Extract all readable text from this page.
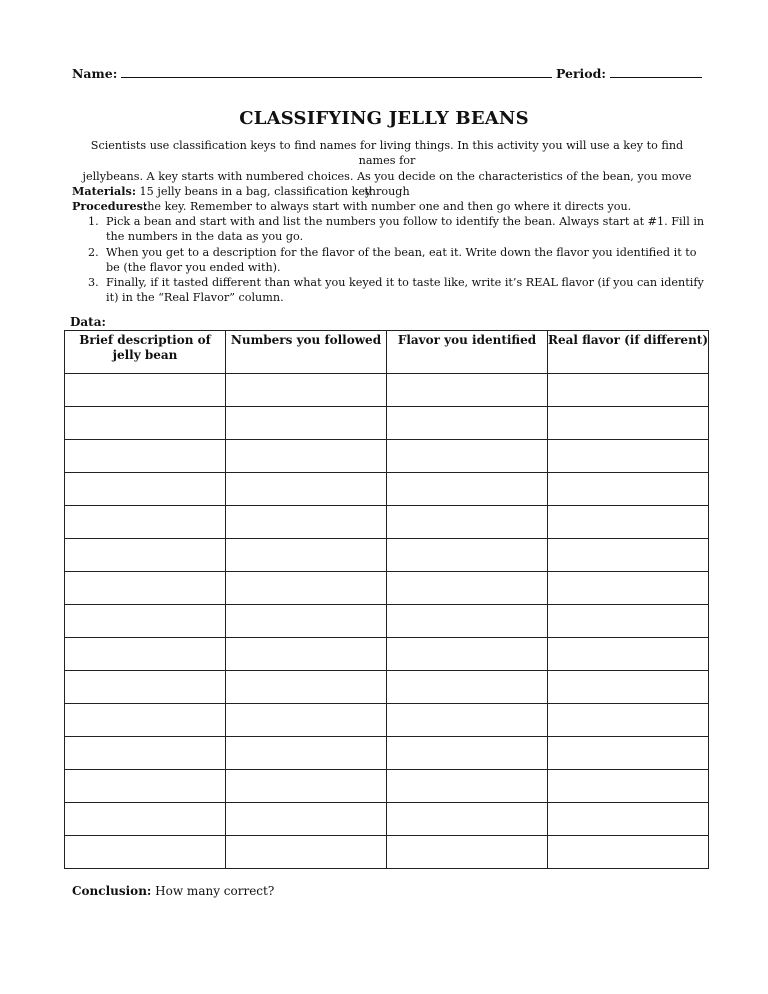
Name:	Period:
CLASSIFYING JELLY BEANS
Scientists use classification keys to find names for living things. In this activity you will use a key to find names for
jellybeans. A key starts with numbered choices. As you decide on the characteristics of the bean, you move through
the key. Remember to always start with number one and then go where it directs you.
Materials: 15 jelly beans in a bag, classification key
Procedures:
1. Pick a bean and start with and list the numbers you follow to identify the bean. Always start at #1. Fill in the numbers in the data as you go.
2. When you get to a description for the flavor of the bean, eat it. Write down the flavor you identified it to be (the flavor you ended with).
3. Finally, if it tasted different than what you keyed it to taste like, write it’s REAL flavor (if you can identify it) in the “Real Flavor” column.
Data:
Brief description of jelly bean	Numbers you followed	Flavor you identified	Real flavor (if different)

Conclusion: How many correct?
